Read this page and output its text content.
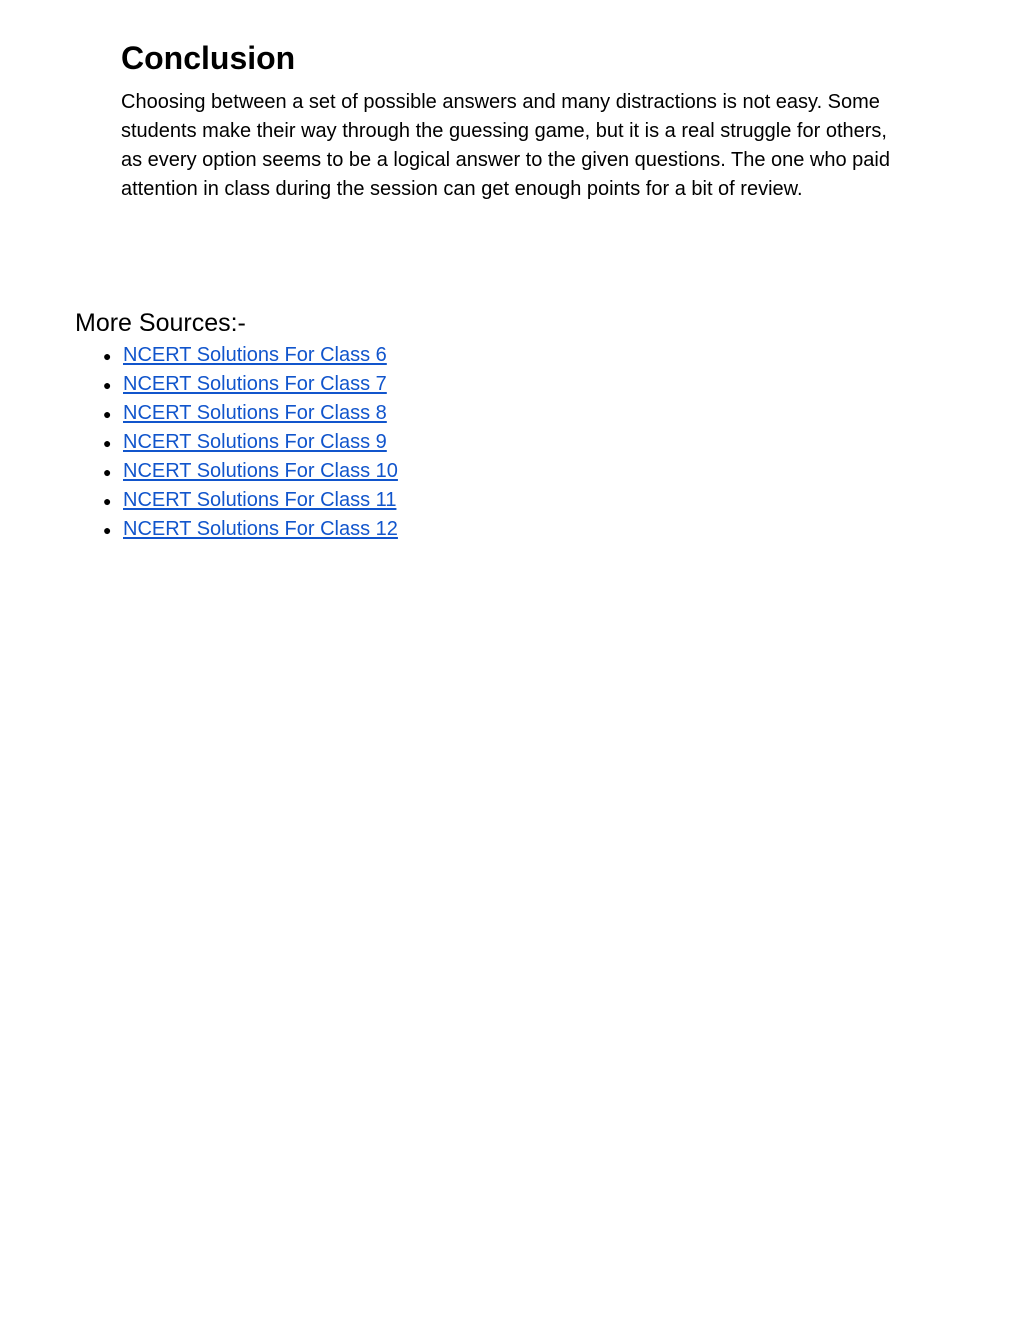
Conclusion

Choosing between a set of possible answers and many distractions is not easy. Some students make their way through the guessing game, but it is a real struggle for others, as every option seems to be a logical answer to the given questions. The one who paid attention in class during the session can get enough points for a bit of review.

More Sources:-
● NCERT Solutions For Class 6
● NCERT Solutions For Class 7
● NCERT Solutions For Class 8
● NCERT Solutions For Class 9
● NCERT Solutions For Class 10
● NCERT Solutions For Class 11
● NCERT Solutions For Class 12
